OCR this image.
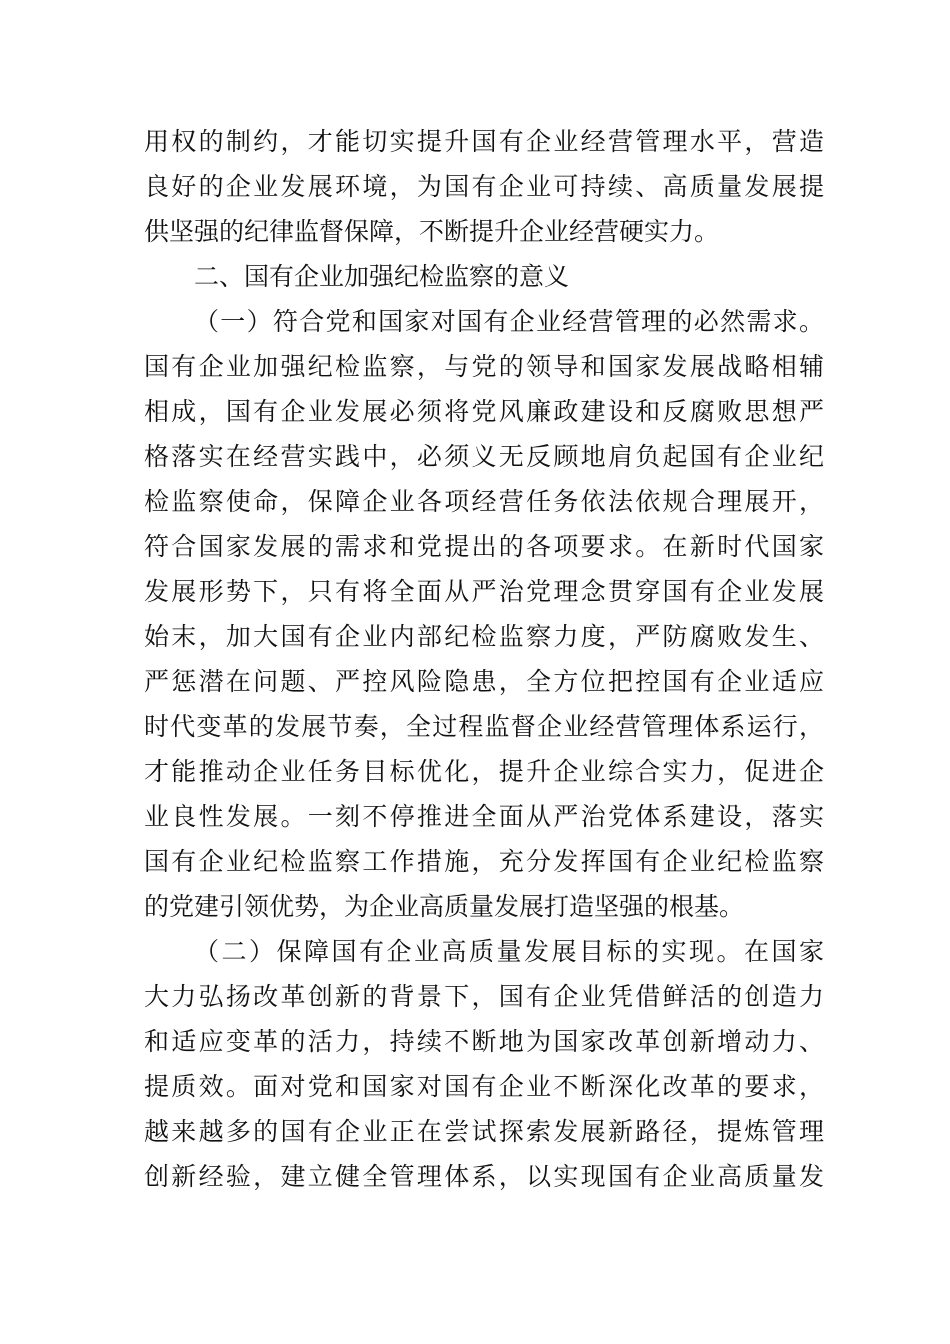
用权的制约，才能切实提升国有企业经营管理水平，营造
良好的企业发展环境，为国有企业可持续、高质量发展提
供坚强的纪律监督保障，不断提升企业经营硬实力。
二、国有企业加强纪检监察的意义
（一）符合党和国家对国有企业经营管理的必然需求。
国有企业加强纪检监察，与党的领导和国家发展战略相辅
相成，国有企业发展必须将党风廉政建设和反腐败思想严
格落实在经营实践中，必须义无反顾地肩负起国有企业纪
检监察使命，保障企业各项经营任务依法依规合理展开，
符合国家发展的需求和党提出的各项要求。在新时代国家
发展形势下，只有将全面从严治党理念贯穿国有企业发展
始末，加大国有企业内部纪检监察力度，严防腐败发生、
严惩潜在问题、严控风险隐患，全方位把控国有企业适应
时代变革的发展节奏，全过程监督企业经营管理体系运行，
才能推动企业任务目标优化，提升企业综合实力，促进企
业良性发展。一刻不停推进全面从严治党体系建设，落实
国有企业纪检监察工作措施，充分发挥国有企业纪检监察
的党建引领优势，为企业高质量发展打造坚强的根基。
（二）保障国有企业高质量发展目标的实现。在国家
大力弘扬改革创新的背景下，国有企业凭借鲜活的创造力
和适应变革的活力，持续不断地为国家改革创新增动力、
提质效。面对党和国家对国有企业不断深化改革的要求，
越来越多的国有企业正在尝试探索发展新路径，提炼管理
创新经验，建立健全管理体系，以实现国有企业高质量发
